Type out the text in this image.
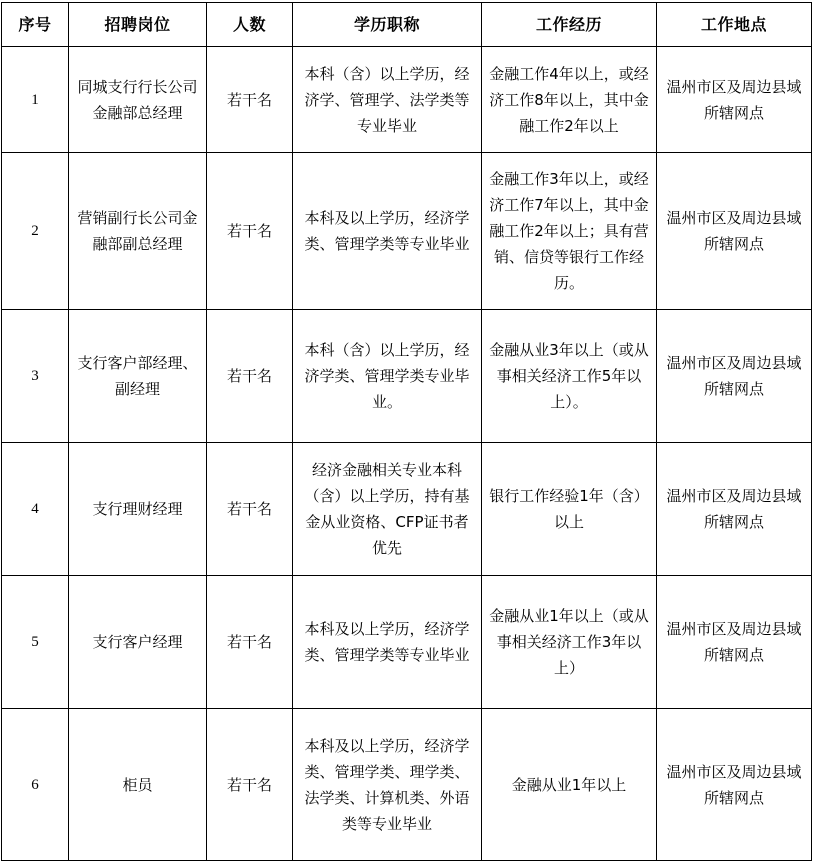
序号	招聘岗位	人数	学历职称	工作经历	工作地点
1	同城支行行长公司金融部总经理	若干名	本科（含）以上学历，经济学、管理学、法学类等专业毕业	金融工作4年以上，或经济工作8年以上，其中金融工作2年以上	温州市区及周边县域所辖网点
2	营销副行长公司金融部副总经理	若干名	本科及以上学历，经济学类、管理学类等专业毕业	金融工作3年以上，或经济工作7年以上，其中金融工作2年以上；具有营销、信贷等银行工作经历。	温州市区及周边县域所辖网点
3	支行客户部经理、副经理	若干名	本科（含）以上学历，经济学类、管理学类专业毕业。	金融从业3年以上（或从事相关经济工作5年以上）。	温州市区及周边县域所辖网点
4	支行理财经理	若干名	经济金融相关专业本科（含）以上学历，持有基金从业资格、CFP证书者优先	银行工作经验1年（含）以上	温州市区及周边县域所辖网点
5	支行客户经理	若干名	本科及以上学历，经济学类、管理学类等专业毕业	金融从业1年以上（或从事相关经济工作3年以上）	温州市区及周边县域所辖网点
6	柜员	若干名	本科及以上学历，经济学类、管理学类、理学类、法学类、计算机类、外语类等专业毕业	金融从业1年以上	温州市区及周边县域所辖网点
